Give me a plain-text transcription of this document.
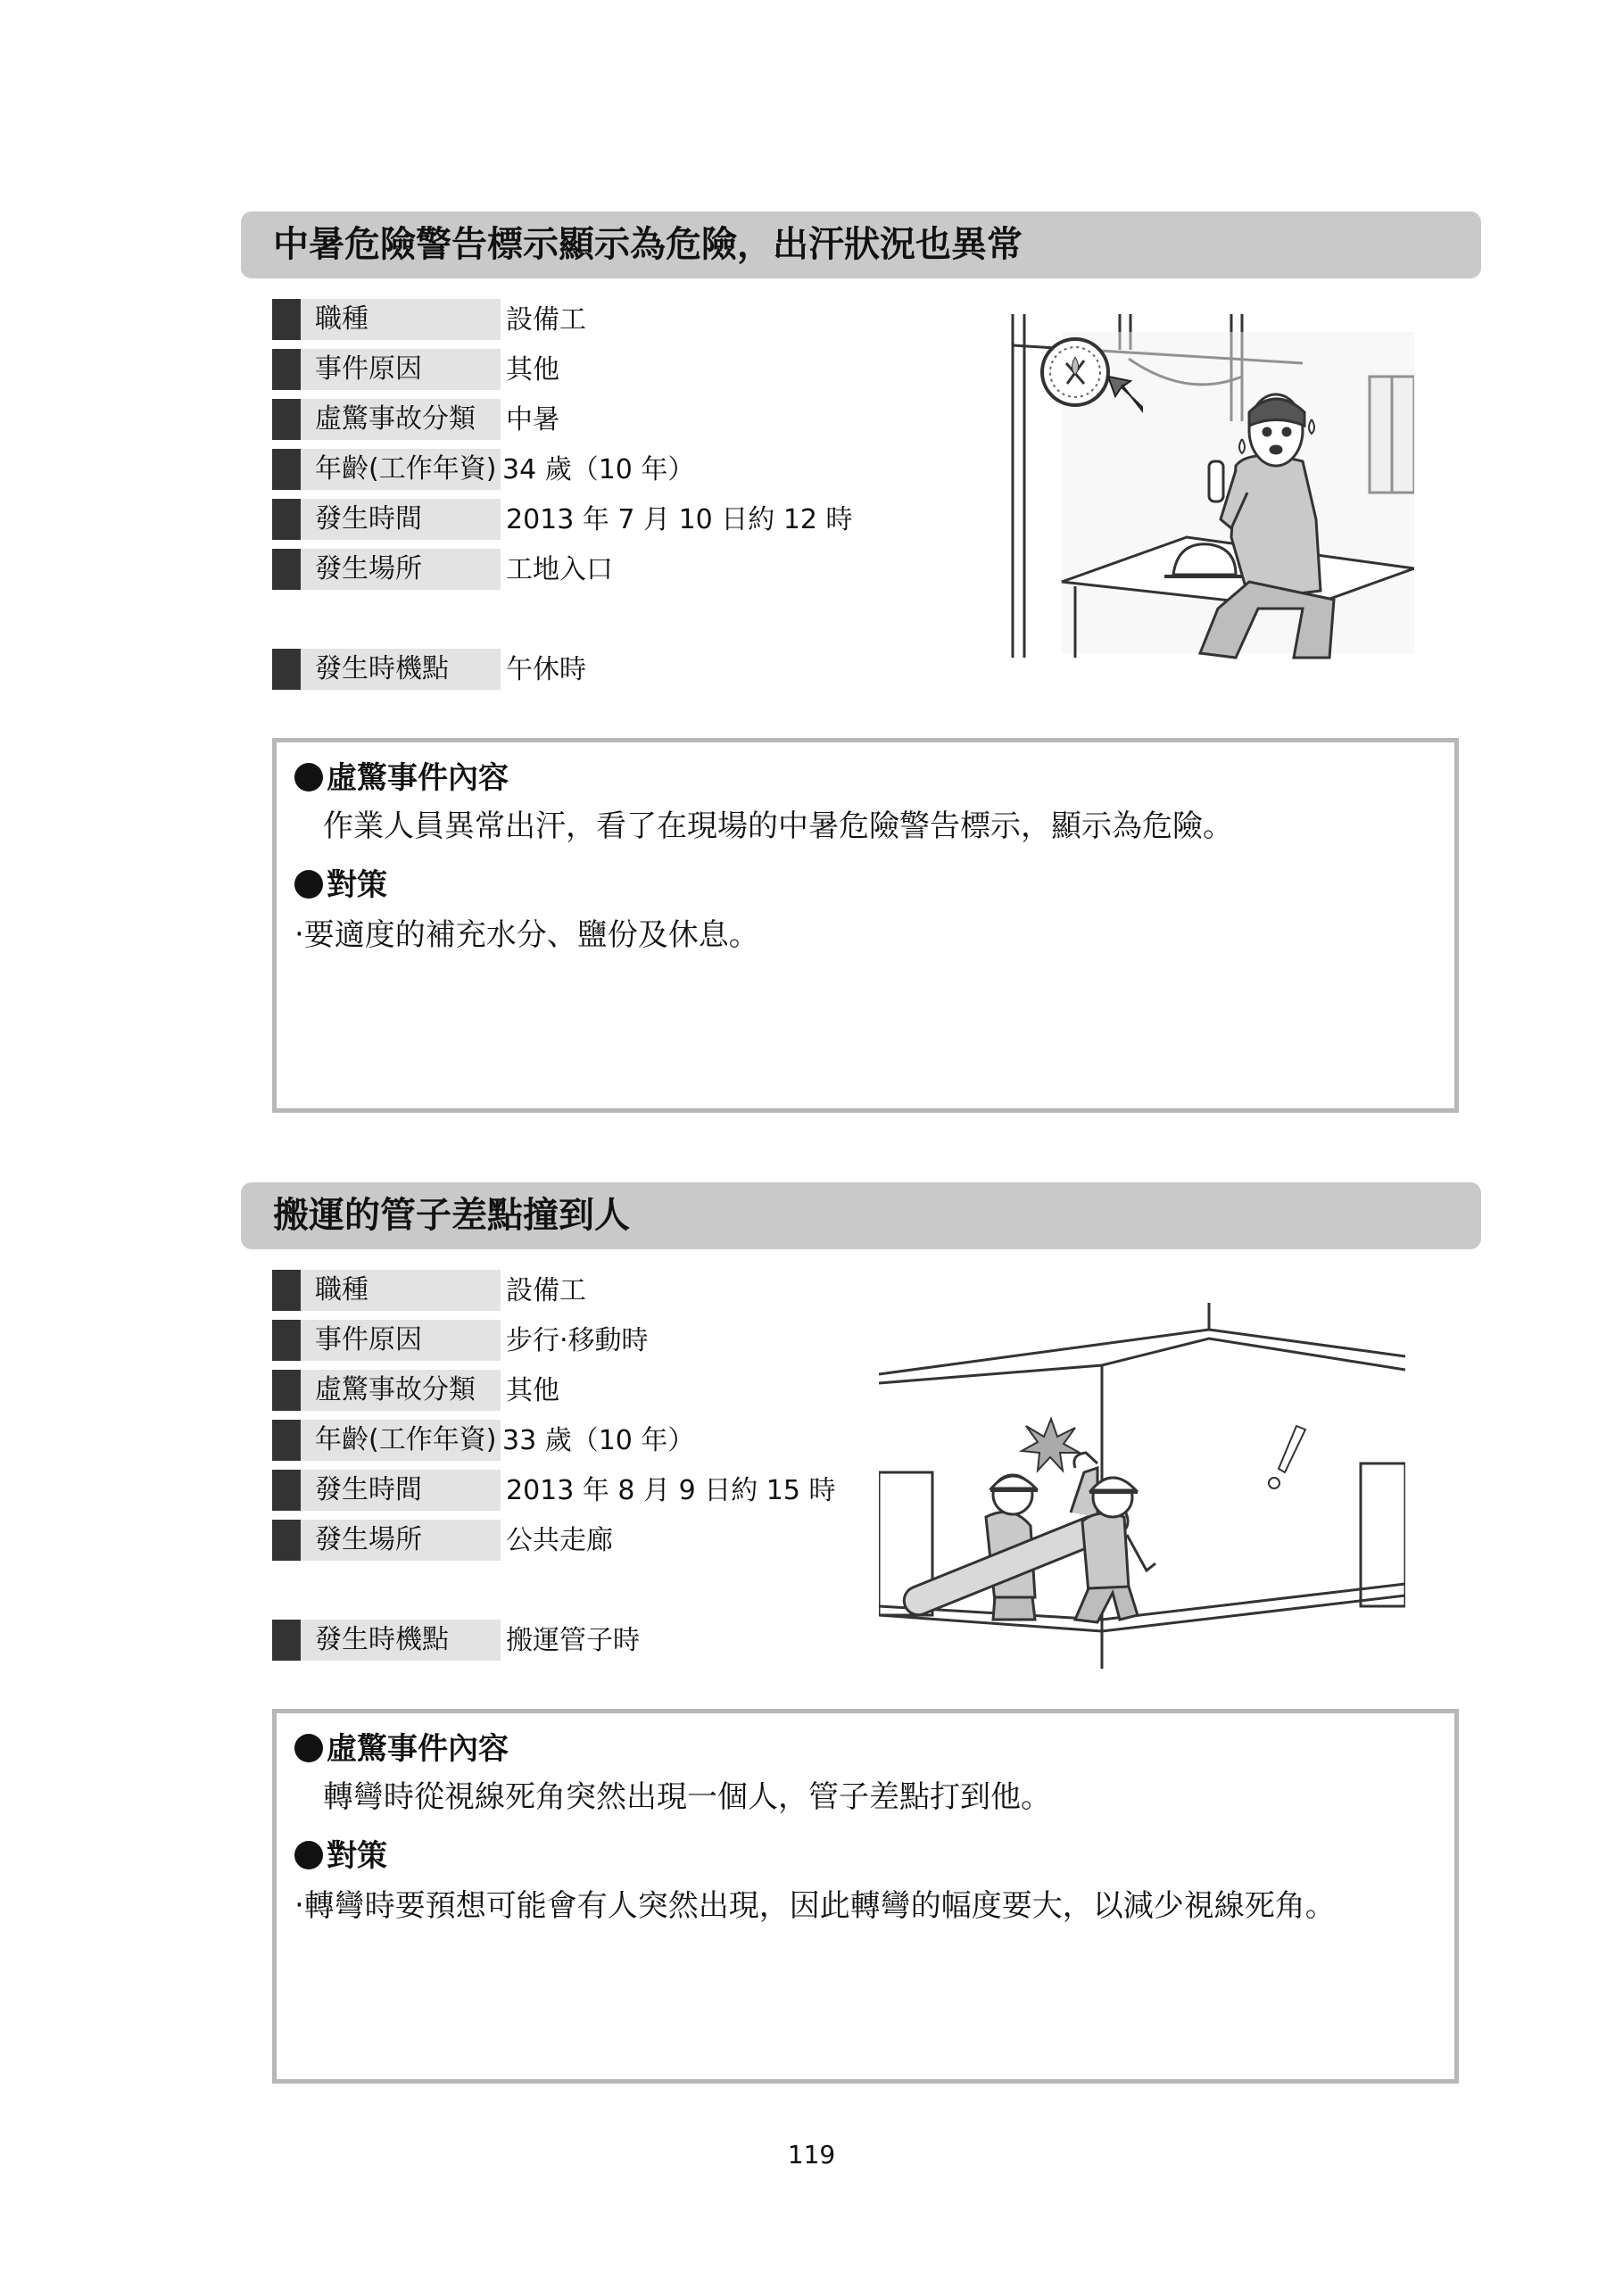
中暑危險警告標示顯示為危險，出汗狀況也異常
職種	設備工
事件原因	其他
虛驚事故分類	中暑
年齡(工作年資) 34 歲（10 年）
發生時間	2013 年 7 月 10 日約 12 時
發生場所	工地入口
發生時機點	午休時
虛驚事件內容
作業人員異常出汗，看了在現場的中暑危險警告標示，顯示為危險。
對策
‧要適度的補充水分、鹽份及休息。
搬運的管子差點撞到人
職種	設備工
事件原因	步行‧移動時
虛驚事故分類	其他
年齡(工作年資) 33 歲（10 年）
發生時間	2013 年 8 月 9 日約 15 時
發生場所	公共走廊
發生時機點	搬運管子時
虛驚事件內容
轉彎時從視線死角突然出現一個人，管子差點打到他。
對策
‧轉彎時要預想可能會有人突然出現，因此轉彎的幅度要大，以減少視線死角。
119
